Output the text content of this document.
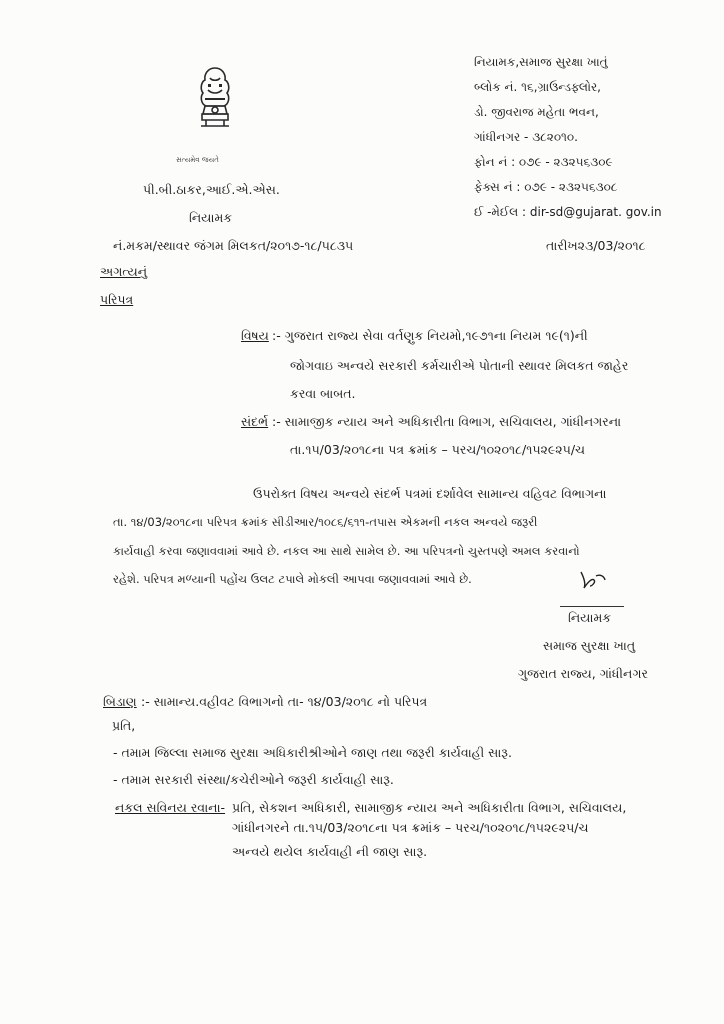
સત્યમેવ જયતે
પી.બી.ઠાકર,આઈ.એ.એસ.
નિયામક
નિયામક,સમાજ સુરક્ષા ખાતું
બ્લોક નં. ૧૬,ગ્રાઉન્ડફ્લોર,
ડો. જીવરાજ મહેતા ભવન,
ગાંધીનગર - ૩૮૨૦૧૦.
ફોન નં : ૦૭૯ - ૨૩૨૫૬૩૦૯
ફેક્સ નં : ૦૭૯ - ૨૩૨૫૬૩૦૮
ઈ -મેઈલ : dir-sd@gujarat. gov.in
નં.મકમ/સ્થાવર જંગમ મિલકત/૨૦૧૭-૧૮/૫૮૩૫	તારીખ૨૩/03/૨૦૧૮
અગત્યનું
પરિપત્ર
વિષય :- ગુજરાત રાજ્ય સેવા વર્તણુક નિયમો,૧૯૭૧ના નિયમ ૧૯(૧)ની
જોગવાઇ અન્વયે સરકારી કર્મચારીએ પોતાની સ્થાવર મિલકત જાહેર
કરવા બાબત.
સંદર્ભ :- સામાજીક ન્યાય અને અધિકારીતા વિભાગ, સચિવાલય, ગાંધીનગરના
તા.૧૫/03/૨૦૧૮ના પત્ર ક્રમાંક – પરચ/૧૦૨૦૧૮/૧૫૨૯૨૫/ચ
ઉપરોક્ત વિષય અન્વયે સંદર્ભ પત્રમાં દર્શાવેલ સામાન્ય વહિવટ વિભાગના
તા. ૧૪/03/૨૦૧૮ના પરિપત્ર ક્રમાંક સીડીઆર/૧૦૮૬/૬૧૧-તપાસ એકમની નકલ અન્વયે જરૂરી
કાર્યવાહી કરવા જણાવવામાં આવે છે. નકલ આ સાથે સામેલ છે. આ પરિપત્રનો ચુસ્તપણે અમલ કરવાનો
રહેશે. પરિપત્ર મળ્યાની પહોંચ ઉલટ ટપાલે મોકલી આપવા જણાવવામાં આવે છે.
નિયામક
સમાજ સુરક્ષા ખાતુ
ગુજરાત રાજ્ય, ગાંધીનગર
બિડાણ :- સામાન્ય.વહીવટ વિભાગનો તા- ૧૪/03/૨૦૧૮ નો પરિપત્ર
પ્રતિ,
- તમામ જિલ્લા સમાજ સુરક્ષા અધિકારીશ્રીઓને જાણ તથા જરૂરી કાર્યવાહી સારૂ.
- તમામ સરકારી સંસ્થા/કચેરીઓને જરૂરી કાર્યવાહી સારૂ.
નકલ સવિનય રવાના- પ્રતિ, સેકશન અધિકારી, સામાજીક ન્યાય અને અધિકારીતા વિભાગ, સચિવાલય,
ગાંધીનગરને તા.૧૫/03/૨૦૧૮ના પત્ર ક્રમાંક – પરચ/૧૦૨૦૧૮/૧૫૨૯૨૫/ચ
અન્વયે થયેલ કાર્યવાહી ની જાણ સારૂ.
